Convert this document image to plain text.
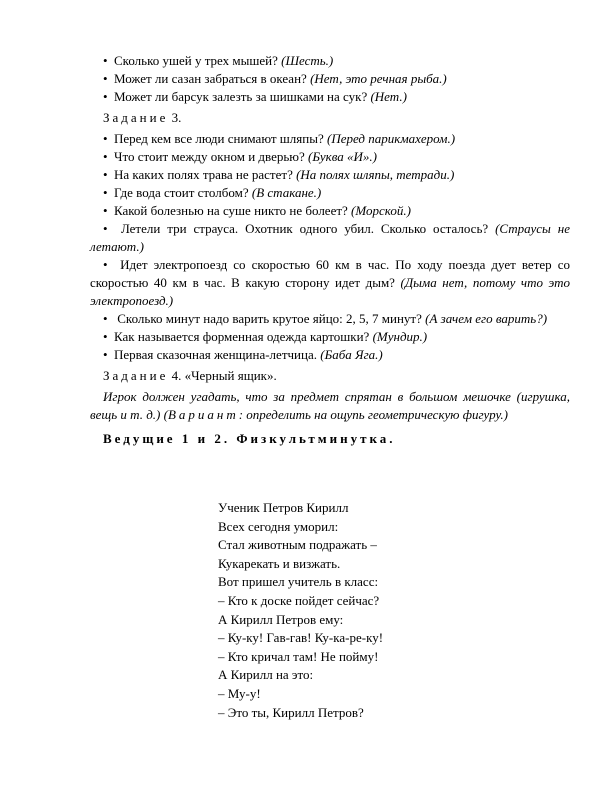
• Сколько ушей у трех мышей? (Шесть.)
• Может ли сазан забраться в океан? (Нет, это речная рыба.)
• Может ли барсук залезть за шишками на сук? (Нет.)
Задание 3.
• Перед кем все люди снимают шляпы? (Перед парикмахером.)
• Что стоит между окном и дверью? (Буква «И».)
• На каких полях трава не растет? (На полях шляпы, тетради.)
• Где вода стоит столбом? (В стакане.)
• Какой болезнью на суше никто не болеет? (Морской.)
• Летели три страуса. Охотник одного убил. Сколько осталось? (Страусы не летают.)
• Идет электропоезд со скоростью 60 км в час. По ходу поезда дует ветер со скоростью 40 км в час. В какую сторону идет дым? (Дыма нет, потому что это электропоезд.)
• Сколько минут надо варить крутое яйцо: 2, 5, 7 минут? (А зачем его варить?)
• Как называется форменная одежда картошки? (Мундир.)
• Первая сказочная женщина-летчица. (Баба Яга.)
Задание 4. «Черный ящик».
Игрок должен угадать, что за предмет спрятан в большом мешочке (игрушка, вещь и т. д.) (Вариант: определить на ощупь геометрическую фигуру.)
Ведущие 1 и 2. Физкультминутка.
Ученик Петров Кирилл
Всех сегодня уморил:
Стал животным подражать –
Кукарекать и визжать.
Вот пришел учитель в класс:
– Кто к доске пойдет сейчас?
А Кирилл Петров ему:
– Ку-ку! Гав-гав! Ку-ка-ре-ку!
– Кто кричал там! Не пойму!
А Кирилл на это:
– Му-у!
– Это ты, Кирилл Петров?
